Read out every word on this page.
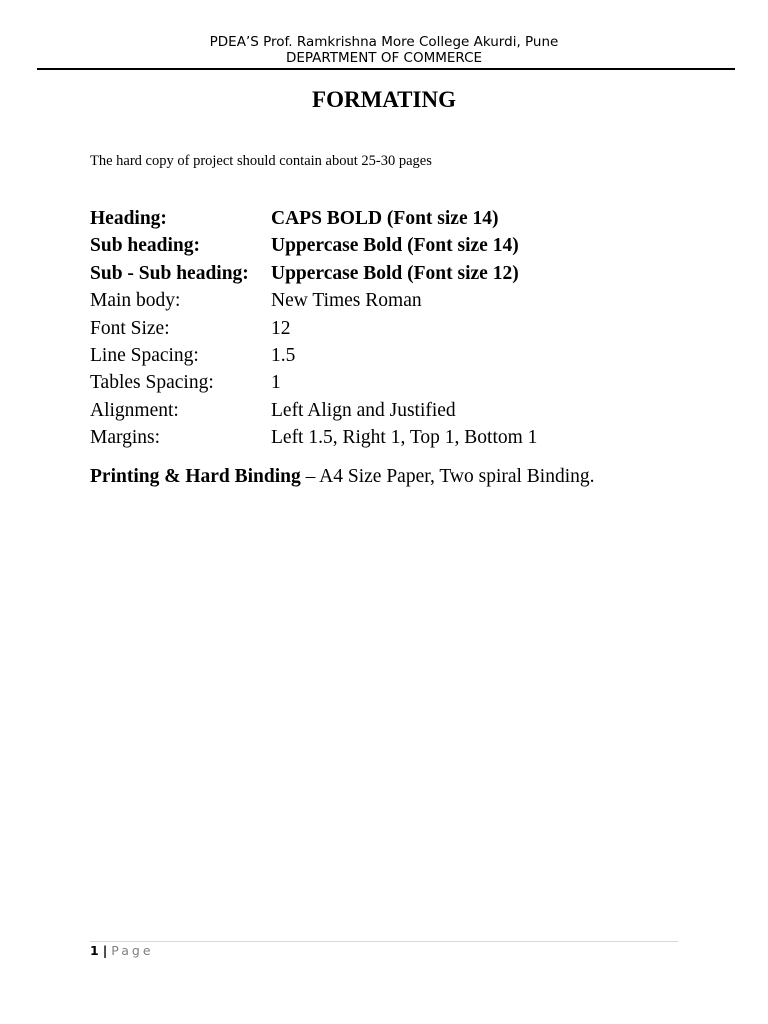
PDEA’S Prof. Ramkrishna More College Akurdi, Pune
DEPARTMENT OF COMMERCE
FORMATING
The hard copy of project should contain about 25-30 pages
Heading:	CAPS BOLD (Font size 14)
Sub heading:	Uppercase Bold (Font size 14)
Sub - Sub heading: Uppercase Bold (Font size 12)
Main body:	New Times Roman
Font Size:	12
Line Spacing:	1.5
Tables Spacing:	1
Alignment:	Left Align and Justified
Margins:	Left 1.5, Right 1, Top 1, Bottom 1
Printing & Hard Binding – A4 Size Paper, Two spiral Binding.
1 | Page
